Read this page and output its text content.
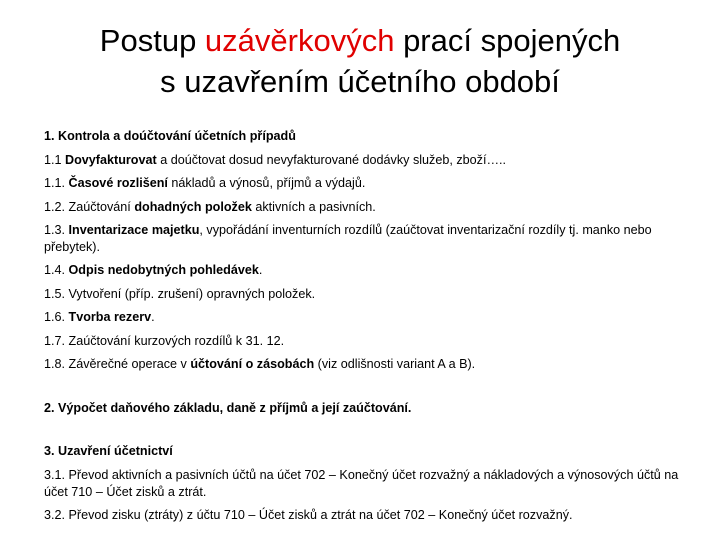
Postup uzávěrkových prací spojených
s uzavřením účetního období
1. Kontrola a doúčtování účetních případů
1.1 Dovyfakturovat a doúčtovat dosud nevyfakturované dodávky služeb, zboží…..
1.1. Časové rozlišení nákladů a výnosů, příjmů a výdajů.
1.2. Zaúčtování dohadných položek aktivních a pasivních.
1.3. Inventarizace majetku, vypořádání inventurních rozdílů (zaúčtovat inventarizační rozdíly tj. manko nebo přebytek).
1.4. Odpis nedobytných pohledávek.
1.5. Vytvoření (příp. zrušení) opravných položek.
1.6. Tvorba rezerv.
1.7. Zaúčtování kurzových rozdílů k 31. 12.
1.8. Závěrečné operace v účtování o zásobách (viz odlišnosti variant A a B).
2. Výpočet daňového základu, daně z příjmů a její zaúčtování.
3. Uzavření účetnictví
3.1. Převod aktivních a pasivních účtů na účet 702 – Konečný účet rozvažný a nákladových a výnosových účtů na účet 710 – Účet zisků a ztrát.
3.2. Převod zisku (ztráty) z účtu 710 – Účet zisků a ztrát na účet 702 – Konečný účet rozvažný.
